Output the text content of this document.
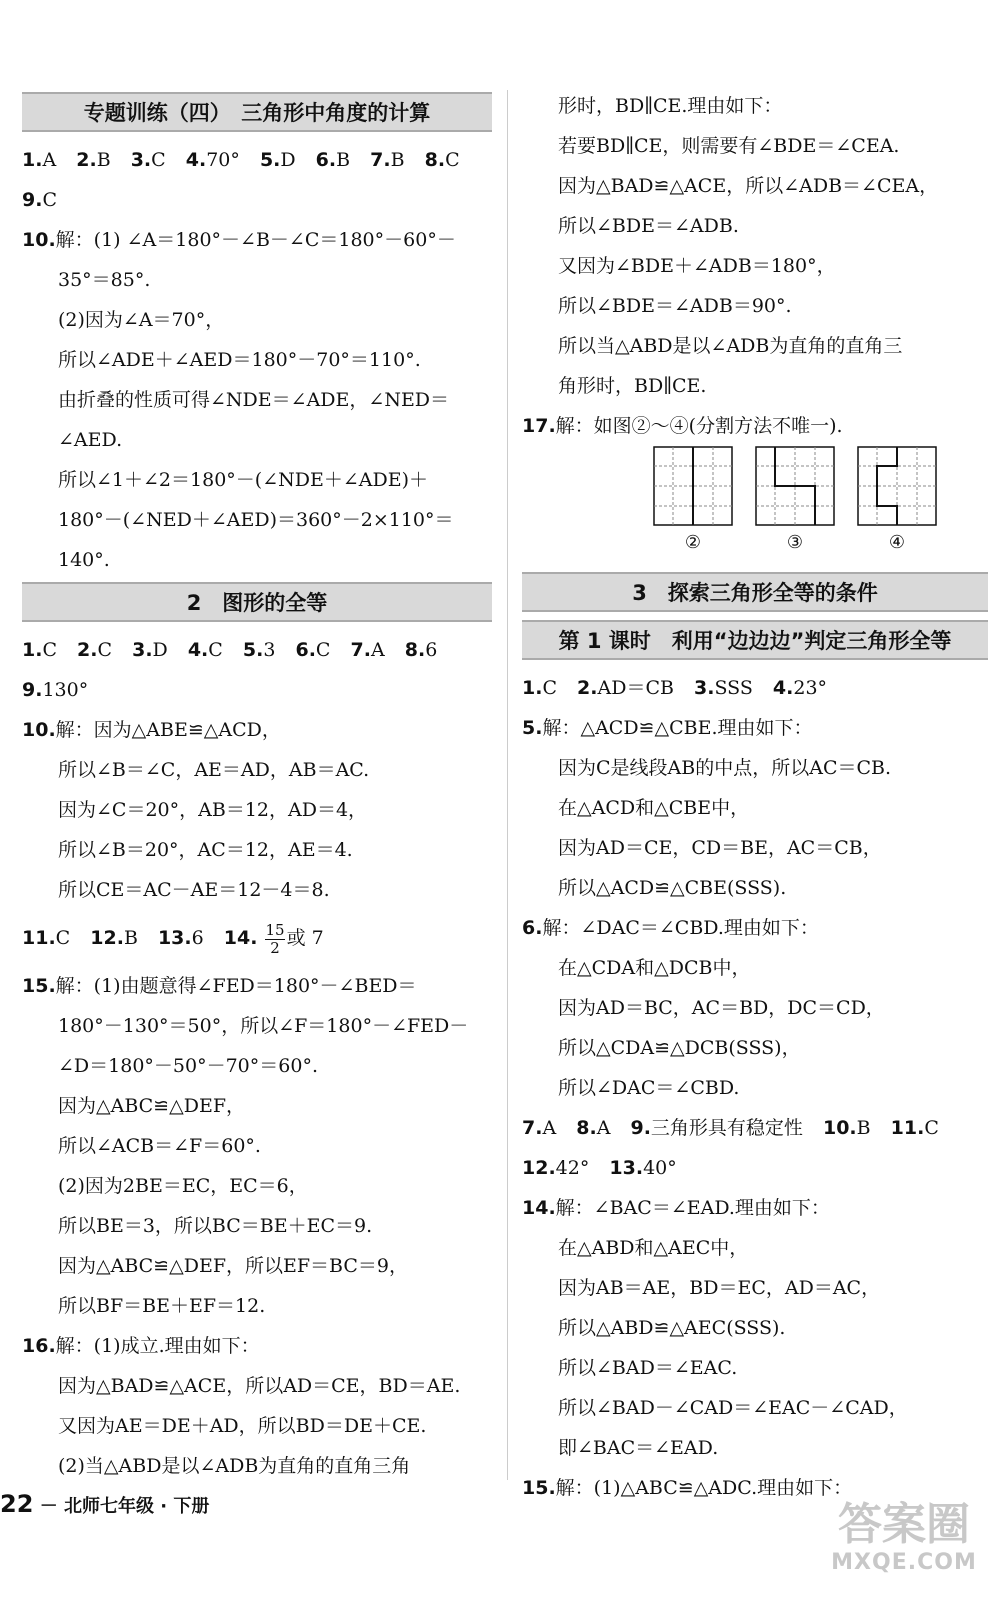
专题训练（四）　三角形中角度的计算
1.A 2.B 3.C 4.70° 5.D 6.B 7.B 8.C
9.C
10.解：(1) ∠A＝180°－∠B－∠C＝180°－60°－
35°＝85°.
(2)因为∠A＝70°，
所以∠ADE＋∠AED＝180°－70°＝110°.
由折叠的性质可得∠NDE＝∠ADE，∠NED＝
∠AED.
所以∠1＋∠2＝180°－(∠NDE＋∠ADE)＋
180°－(∠NED＋∠AED)＝360°－2×110°＝
140°.
2　图形的全等
1.C 2.C 3.D 4.C 5.3 6.C 7.A 8.6
9.130°
10.解：因为△ABE≌△ACD，
所以∠B＝∠C，AE＝AD，AB＝AC.
因为∠C＝20°，AB＝12，AD＝4，
所以∠B＝20°，AC＝12，AE＝4.
所以CE＝AC－AE＝12－4＝8.
11.C 12.B 13.6 14. $\frac{15}{2}$ 或 7
15.解：(1)由题意得∠FED＝180°－∠BED＝
180°－130°＝50°，所以∠F＝180°－∠FED－
∠D＝180°－50°－70°＝60°.
因为△ABC≌△DEF，
所以∠ACB＝∠F＝60°.
(2)因为2BE＝EC，EC＝6，
所以BE＝3，所以BC＝BE＋EC＝9.
因为△ABC≌△DEF，所以EF＝BC＝9，
所以BF＝BE＋EF＝12.
16.解：(1)成立.理由如下：
因为△BAD≌△ACE，所以AD＝CE，BD＝AE.
又因为AE＝DE＋AD，所以BD＝DE＋CE.
(2)当△ABD是以∠ADB为直角的直角三角
形时，BD∥CE.理由如下：
若要BD∥CE，则需要有∠BDE＝∠CEA.
因为△BAD≌△ACE，所以∠ADB＝∠CEA，
所以∠BDE＝∠ADB.
又因为∠BDE＋∠ADB＝180°，
所以∠BDE＝∠ADB＝90°.
所以当△ABD是以∠ADB为直角的直角三
角形时，BD∥CE.
17.解：如图②～④(分割方法不唯一).
②	③	④
3　探索三角形全等的条件
第 1 课时　利用“边边边”判定三角形全等
1.C 2.AD＝CB 3.SSS 4.23°
5.解：△ACD≌△CBE.理由如下：
因为C是线段AB的中点，所以AC＝CB.
在△ACD和△CBE中，
因为AD＝CE，CD＝BE，AC＝CB，
所以△ACD≌△CBE(SSS).
6.解：∠DAC＝∠CBD.理由如下：
在△CDA和△DCB中，
因为AD＝BC，AC＝BD，DC＝CD，
所以△CDA≌△DCB(SSS)，
所以∠DAC＝∠CBD.
7.A 8.A 9.三角形具有稳定性 10.B 11.C
12.42° 13.40°
14.解：∠BAC＝∠EAD.理由如下：
在△ABD和△AEC中，
因为AB＝AE，BD＝EC，AD＝AC，
所以△ABD≌△AEC(SSS).
所以∠BAD＝∠EAC.
所以∠BAD－∠CAD＝∠EAC－∠CAD，
即∠BAC＝∠EAD.
15.解：(1)△ABC≌△ADC.理由如下：
22 － 北师七年级 · 下册	答案圈
MXQE.COM
